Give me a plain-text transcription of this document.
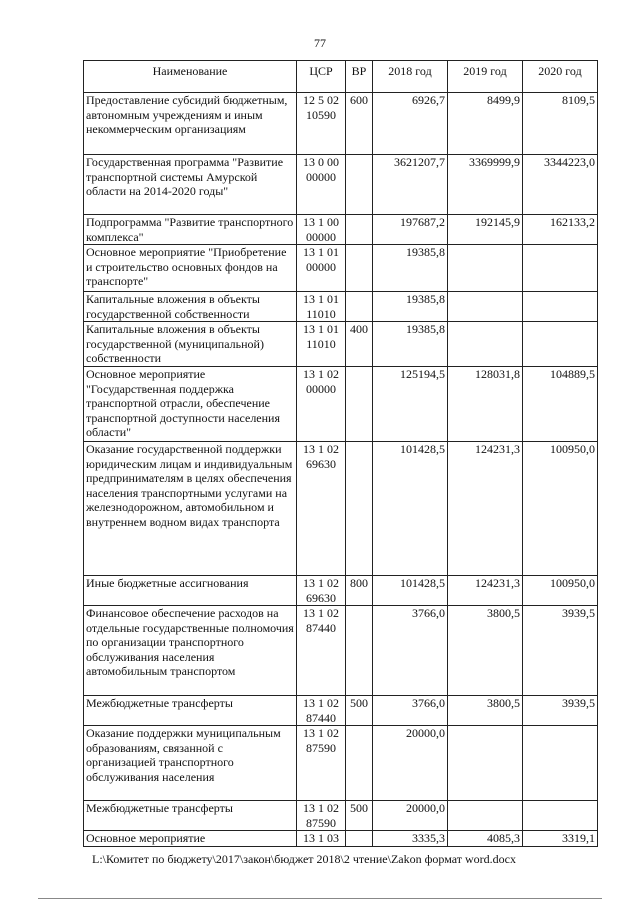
77
Наименование	ЦСР	ВР	2018 год	2019 год	2020 год
Предоставление субсидий бюджетным, автономным учреждениям и иным некоммерческим организациям	12 5 02 10590	600	6926,7	8499,9	8109,5
Государственная программа "Развитие транспортной системы Амурской области на 2014-2020 годы"	13 0 00 00000		3621207,7	3369999,9	3344223,0
Подпрограмма "Развитие транспортного комплекса"	13 1 00 00000		197687,2	192145,9	162133,2
Основное мероприятие "Приобретение и строительство основных фондов на транспорте"	13 1 01 00000		19385,8		
Капитальные вложения в объекты государственной собственности	13 1 01 11010		19385,8		
Капитальные вложения в объекты государственной (муниципальной) собственности	13 1 01 11010	400	19385,8		
Основное мероприятие "Государственная поддержка транспортной отрасли, обеспечение транспортной доступности населения области"	13 1 02 00000		125194,5	128031,8	104889,5
Оказание государственной поддержки юридическим лицам и индивидуальным предпринимателям в целях обеспечения населения транспортными услугами на железнодорожном, автомобильном и внутреннем водном видах транспорта	13 1 02 69630		101428,5	124231,3	100950,0
Иные бюджетные ассигнования	13 1 02 69630	800	101428,5	124231,3	100950,0
Финансовое обеспечение расходов на отдельные государственные полномочия по организации транспортного обслуживания населения автомобильным транспортом	13 1 02 87440		3766,0	3800,5	3939,5
Межбюджетные трансферты	13 1 02 87440	500	3766,0	3800,5	3939,5
Оказание поддержки муниципальным образованиям, связанной с организацией транспортного обслуживания населения	13 1 02 87590		20000,0		
Межбюджетные трансферты	13 1 02 87590	500	20000,0		
Основное мероприятие	13 1 03		3335,3	4085,3	3319,1
L:\Комитет по бюджету\2017\закон\бюджет 2018\2 чтение\Zakon формат word.docx
